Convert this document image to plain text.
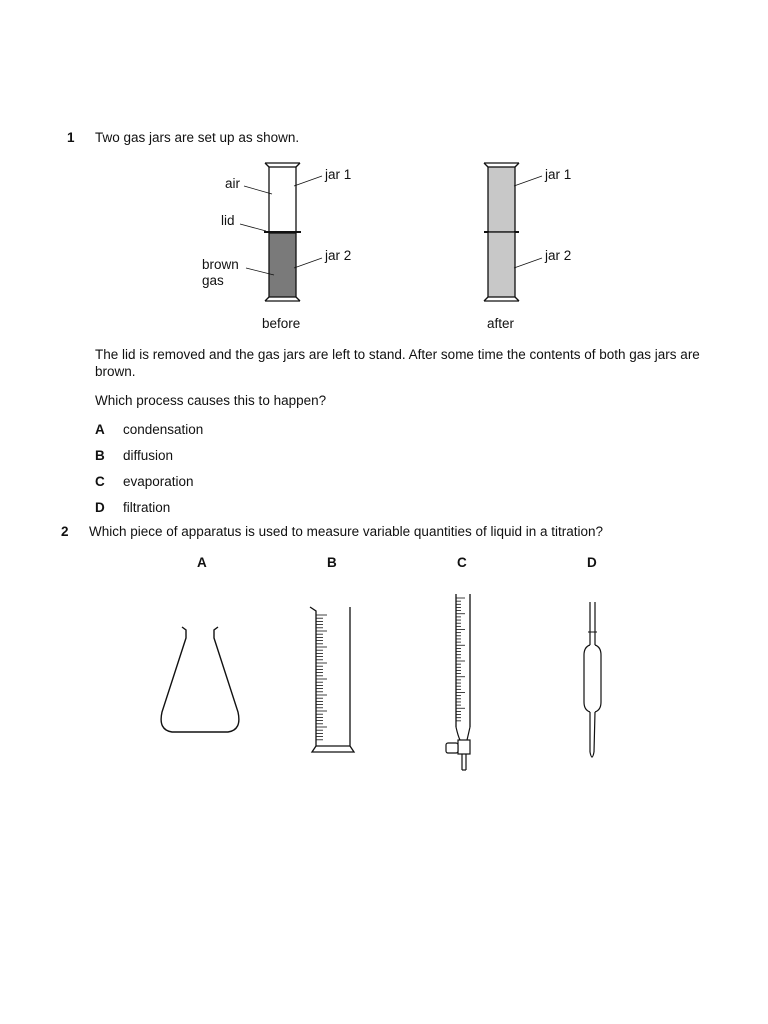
1 Two gas jars are set up as shown.
air
lid
brown
gas
jar 1
jar 2
before
jar 1
jar 2
after
The lid is removed and the gas jars are left to stand. After some time the contents of both gas jars are brown.
Which process causes this to happen?
A condensation
B diffusion
C evaporation
D filtration
2 Which piece of apparatus is used to measure variable quantities of liquid in a titration?
A	B	C	D
